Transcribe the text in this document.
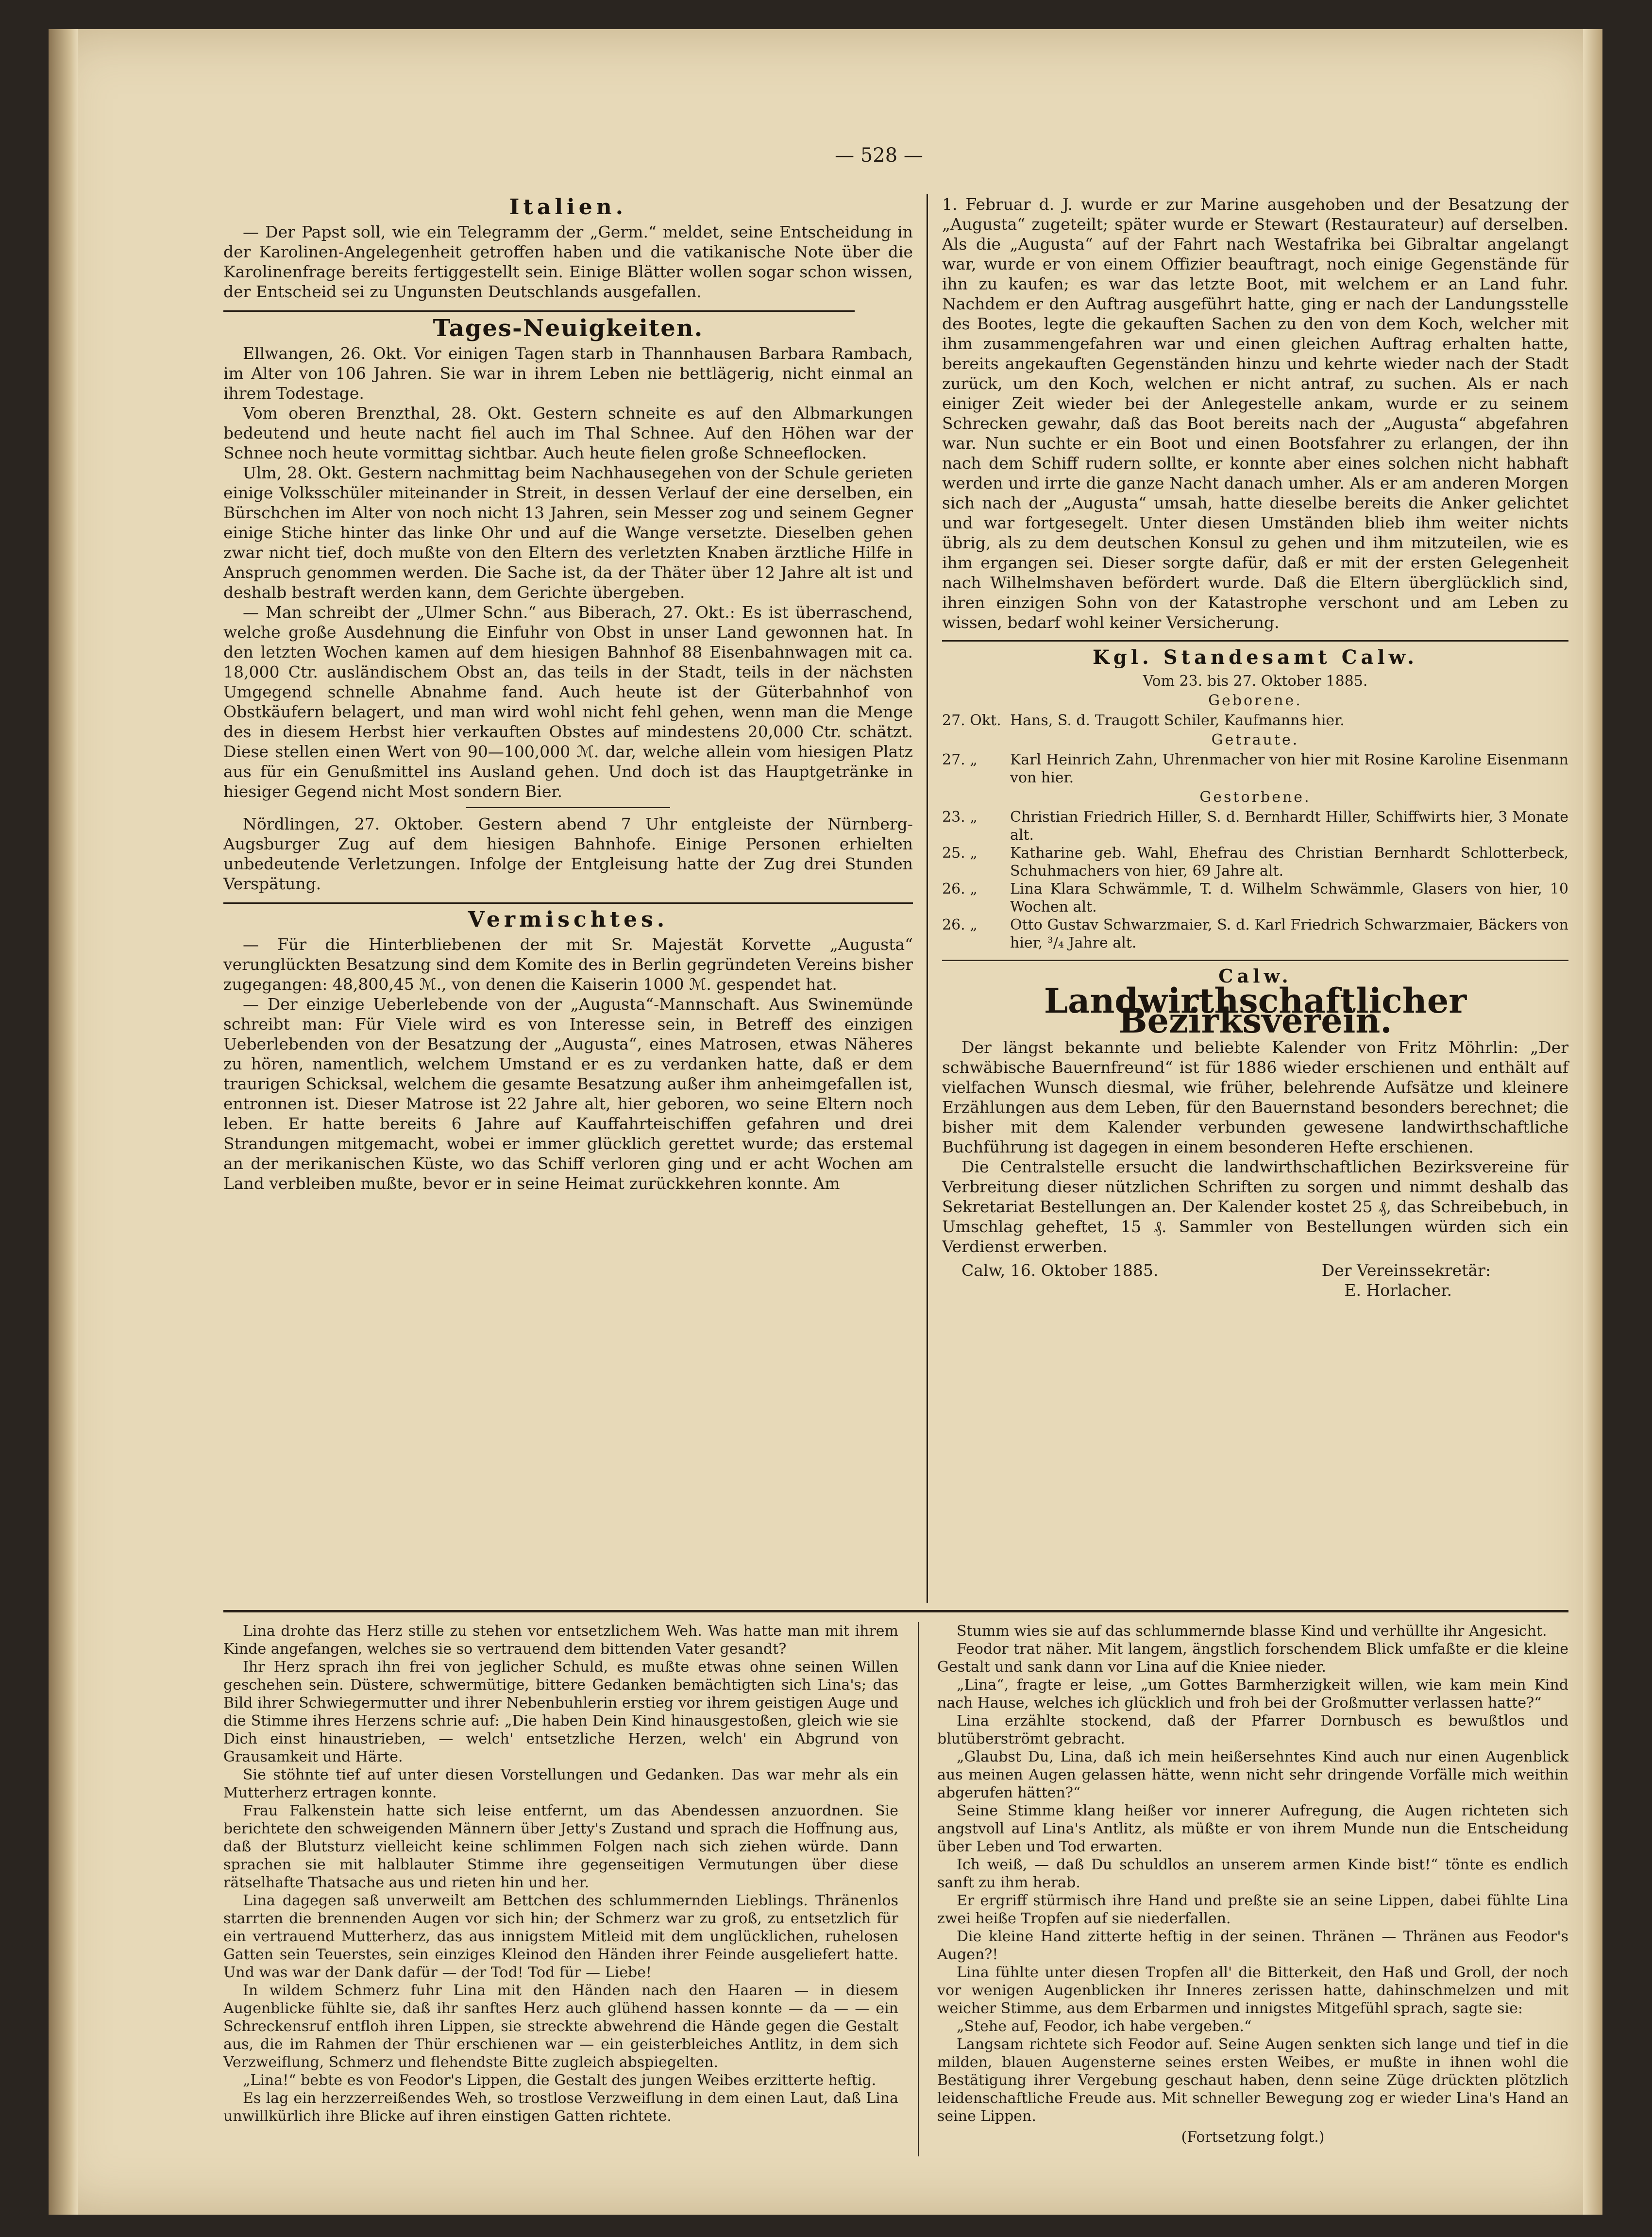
— 528 —
Italien.

— Der Papst soll, wie ein Telegramm der „Germ.“ meldet, seine Entscheidung in der Karolinen-Angelegenheit getroffen haben und die vatikanische Note über die Karolinenfrage bereits fertiggestellt sein. Einige Blätter wollen sogar schon wissen, der Entscheid sei zu Ungunsten Deutschlands ausgefallen.

Tages-Neuigkeiten.

Ellwangen, 26. Okt. Vor einigen Tagen starb in Thannhausen Barbara Rambach, im Alter von 106 Jahren. Sie war in ihrem Leben nie bettlägerig, nicht einmal an ihrem Todestage.

Vom oberen Brenzthal, 28. Okt. Gestern schneite es auf den Albmarkungen bedeutend und heute nacht fiel auch im Thal Schnee. Auf den Höhen war der Schnee noch heute vormittag sichtbar. Auch heute fielen große Schneeflocken.

Ulm, 28. Okt. Gestern nachmittag beim Nachhausegehen von der Schule gerieten einige Volksschüler miteinander in Streit, in dessen Verlauf der eine derselben, ein Bürschchen im Alter von noch nicht 13 Jahren, sein Messer zog und seinem Gegner einige Stiche hinter das linke Ohr und auf die Wange versetzte. Dieselben gehen zwar nicht tief, doch mußte von den Eltern des verletzten Knaben ärztliche Hilfe in Anspruch genommen werden. Die Sache ist, da der Thäter über 12 Jahre alt ist und deshalb bestraft werden kann, dem Gerichte übergeben.

— Man schreibt der „Ulmer Schn.“ aus Biberach, 27. Okt.: Es ist überraschend, welche große Ausdehnung die Einfuhr von Obst in unser Land gewonnen hat. In den letzten Wochen kamen auf dem hiesigen Bahnhof 88 Eisenbahnwagen mit ca. 18,000 Ctr. ausländischem Obst an, das teils in der Stadt, teils in der nächsten Umgegend schnelle Abnahme fand. Auch heute ist der Güterbahnhof von Obstkäufern belagert, und man wird wohl nicht fehl gehen, wenn man die Menge des in diesem Herbst hier verkauften Obstes auf mindestens 20,000 Ctr. schätzt. Diese stellen einen Wert von 90—100,000 ℳ. dar, welche allein vom hiesigen Platz aus für ein Genußmittel ins Ausland gehen. Und doch ist das Hauptgetränke in hiesiger Gegend nicht Most sondern Bier.

Nördlingen, 27. Oktober. Gestern abend 7 Uhr entgleiste der Nürnberg-Augsburger Zug auf dem hiesigen Bahnhofe. Einige Personen erhielten unbedeutende Verletzungen. Infolge der Entgleisung hatte der Zug drei Stunden Verspätung.

Vermischtes.

— Für die Hinterbliebenen der mit Sr. Majestät Korvette „Augusta“ verunglückten Besatzung sind dem Komite des in Berlin gegründeten Vereins bisher zugegangen: 48,800,45 ℳ., von denen die Kaiserin 1000 ℳ. gespendet hat.

— Der einzige Ueberlebende von der „Augusta“-Mannschaft. Aus Swinemünde schreibt man: Für Viele wird es von Interesse sein, in Betreff des einzigen Ueberlebenden von der Besatzung der „Augusta“, eines Matrosen, etwas Näheres zu hören, namentlich, welchem Umstand er es zu verdanken hatte, daß er dem traurigen Schicksal, welchem die gesamte Besatzung außer ihm anheimgefallen ist, entronnen ist. Dieser Matrose ist 22 Jahre alt, hier geboren, wo seine Eltern noch leben. Er hatte bereits 6 Jahre auf Kauffahrteischiffen gefahren und drei Strandungen mitgemacht, wobei er immer glücklich gerettet wurde; das erstemal an der merikanischen Küste, wo das Schiff verloren ging und er acht Wochen am Land verbleiben mußte, bevor er in seine Heimat zurückkehren konnte. Am

1. Februar d. J. wurde er zur Marine ausgehoben und der Besatzung der „Augusta“ zugeteilt; später wurde er Stewart (Restaurateur) auf derselben. Als die „Augusta“ auf der Fahrt nach Westafrika bei Gibraltar angelangt war, wurde er von einem Offizier beauftragt, noch einige Gegenstände für ihn zu kaufen; es war das letzte Boot, mit welchem er an Land fuhr. Nachdem er den Auftrag ausgeführt hatte, ging er nach der Landungsstelle des Bootes, legte die gekauften Sachen zu den von dem Koch, welcher mit ihm zusammengefahren war und einen gleichen Auftrag erhalten hatte, bereits angekauften Gegenständen hinzu und kehrte wieder nach der Stadt zurück, um den Koch, welchen er nicht antraf, zu suchen. Als er nach einiger Zeit wieder bei der Anlegestelle ankam, wurde er zu seinem Schrecken gewahr, daß das Boot bereits nach der „Augusta“ abgefahren war. Nun suchte er ein Boot und einen Bootsfahrer zu erlangen, der ihn nach dem Schiff rudern sollte, er konnte aber eines solchen nicht habhaft werden und irrte die ganze Nacht danach umher. Als er am anderen Morgen sich nach der „Augusta“ umsah, hatte dieselbe bereits die Anker gelichtet und war fortgesegelt. Unter diesen Umständen blieb ihm weiter nichts übrig, als zu dem deutschen Konsul zu gehen und ihm mitzuteilen, wie es ihm ergangen sei. Dieser sorgte dafür, daß er mit der ersten Gelegenheit nach Wilhelmshaven befördert wurde. Daß die Eltern überglücklich sind, ihren einzigen Sohn von der Katastrophe verschont und am Leben zu wissen, bedarf wohl keiner Versicherung.

Kgl. Standesamt Calw.
Vom 23. bis 27. Oktober 1885.
Geborene.
27. Okt. Hans, S. d. Traugott Schiler, Kaufmanns hier.
Getraute.
27. „	Karl Heinrich Zahn, Uhrenmacher von hier mit Rosine Karoline Eisenmann von hier.
Gestorbene.
23. „	Christian Friedrich Hiller, S. d. Bernhardt Hiller, Schiffwirts hier, 3 Monate alt.
25. „	Katharine geb. Wahl, Ehefrau des Christian Bernhardt Schlotterbeck, Schuhmachers von hier, 69 Jahre alt.
26. „	Lina Klara Schwämmle, T. d. Wilhelm Schwämmle, Glasers von hier, 10 Wochen alt.
26. „	Otto Gustav Schwarzmaier, S. d. Karl Friedrich Schwarzmaier, Bäckers von hier, ³/₄ Jahre alt.
Calw.
Landwirthschaftlicher Bezirksverein.

Der längst bekannte und beliebte Kalender von Fritz Möhrlin: „Der schwäbische Bauernfreund“ ist für 1886 wieder erschienen und enthält auf vielfachen Wunsch diesmal, wie früher, belehrende Aufsätze und kleinere Erzählungen aus dem Leben, für den Bauernstand besonders berechnet; die bisher mit dem Kalender verbunden gewesene landwirthschaftliche Buchführung ist dagegen in einem besonderen Hefte erschienen.

Die Centralstelle ersucht die landwirthschaftlichen Bezirksvereine für Verbreitung dieser nützlichen Schriften zu sorgen und nimmt deshalb das Sekretariat Bestellungen an. Der Kalender kostet 25 ₰, das Schreibebuch, in Umschlag geheftet, 15 ₰. Sammler von Bestellungen würden sich ein Verdienst erwerben.

Calw, 16. Oktober 1885.	Der Vereinssekretär:
E. Horlacher.

Lina drohte das Herz stille zu stehen vor entsetzlichem Weh. Was hatte man mit ihrem Kinde angefangen, welches sie so vertrauend dem bittenden Vater gesandt?

Ihr Herz sprach ihn frei von jeglicher Schuld, es mußte etwas ohne seinen Willen geschehen sein. Düstere, schwermütige, bittere Gedanken bemächtigten sich Lina's; das Bild ihrer Schwiegermutter und ihrer Nebenbuhlerin erstieg vor ihrem geistigen Auge und die Stimme ihres Herzens schrie auf: „Die haben Dein Kind hinausgestoßen, gleich wie sie Dich einst hinaustrieben, — welch' entsetzliche Herzen, welch' ein Abgrund von Grausamkeit und Härte.

Sie stöhnte tief auf unter diesen Vorstellungen und Gedanken. Das war mehr als ein Mutterherz ertragen konnte.

Frau Falkenstein hatte sich leise entfernt, um das Abendessen anzuordnen. Sie berichtete den schweigenden Männern über Jetty's Zustand und sprach die Hoffnung aus, daß der Blutsturz vielleicht keine schlimmen Folgen nach sich ziehen würde. Dann sprachen sie mit halblauter Stimme ihre gegenseitigen Vermutungen über diese rätselhafte Thatsache aus und rieten hin und her.

Lina dagegen saß unverweilt am Bettchen des schlummernden Lieblings. Thränenlos starrten die brennenden Augen vor sich hin; der Schmerz war zu groß, zu entsetzlich für ein vertrauend Mutterherz, das aus innigstem Mitleid mit dem unglücklichen, ruhelosen Gatten sein Teuerstes, sein einziges Kleinod den Händen ihrer Feinde ausgeliefert hatte. Und was war der Dank dafür — der Tod! Tod für — Liebe!

In wildem Schmerz fuhr Lina mit den Händen nach den Haaren — in diesem Augenblicke fühlte sie, daß ihr sanftes Herz auch glühend hassen konnte — da — — ein Schreckensruf entfloh ihren Lippen, sie streckte abwehrend die Hände gegen die Gestalt aus, die im Rahmen der Thür erschienen war — ein geisterbleiches Antlitz, in dem sich Verzweiflung, Schmerz und flehendste Bitte zugleich abspiegelten.

„Lina!“ bebte es von Feodor's Lippen, die Gestalt des jungen Weibes erzitterte heftig.

Es lag ein herzzerreißendes Weh, so trostlose Verzweiflung in dem einen Laut, daß Lina unwillkürlich ihre Blicke auf ihren einstigen Gatten richtete.

Stumm wies sie auf das schlummernde blasse Kind und verhüllte ihr Angesicht.

Feodor trat näher. Mit langem, ängstlich forschendem Blick umfaßte er die kleine Gestalt und sank dann vor Lina auf die Kniee nieder.

„Lina“, fragte er leise, „um Gottes Barmherzigkeit willen, wie kam mein Kind nach Hause, welches ich glücklich und froh bei der Großmutter verlassen hatte?“

Lina erzählte stockend, daß der Pfarrer Dornbusch es bewußtlos und blutüberströmt gebracht.

„Glaubst Du, Lina, daß ich mein heißersehntes Kind auch nur einen Augenblick aus meinen Augen gelassen hätte, wenn nicht sehr dringende Vorfälle mich weithin abgerufen hätten?“

Seine Stimme klang heißer vor innerer Aufregung, die Augen richteten sich angstvoll auf Lina's Antlitz, als müßte er von ihrem Munde nun die Entscheidung über Leben und Tod erwarten.

Ich weiß, — daß Du schuldlos an unserem armen Kinde bist!“ tönte es endlich sanft zu ihm herab.

Er ergriff stürmisch ihre Hand und preßte sie an seine Lippen, dabei fühlte Lina zwei heiße Tropfen auf sie niederfallen.

Die kleine Hand zitterte heftig in der seinen. Thränen — Thränen aus Feodor's Augen?!

Lina fühlte unter diesen Tropfen all' die Bitterkeit, den Haß und Groll, der noch vor wenigen Augenblicken ihr Inneres zerissen hatte, dahinschmelzen und mit weicher Stimme, aus dem Erbarmen und innigstes Mitgefühl sprach, sagte sie:

„Stehe auf, Feodor, ich habe vergeben.“

Langsam richtete sich Feodor auf. Seine Augen senkten sich lange und tief in die milden, blauen Augensterne seines ersten Weibes, er mußte in ihnen wohl die Bestätigung ihrer Vergebung geschaut haben, denn seine Züge drückten plötzlich leidenschaftliche Freude aus. Mit schneller Bewegung zog er wieder Lina's Hand an seine Lippen.

(Fortsetzung folgt.)
